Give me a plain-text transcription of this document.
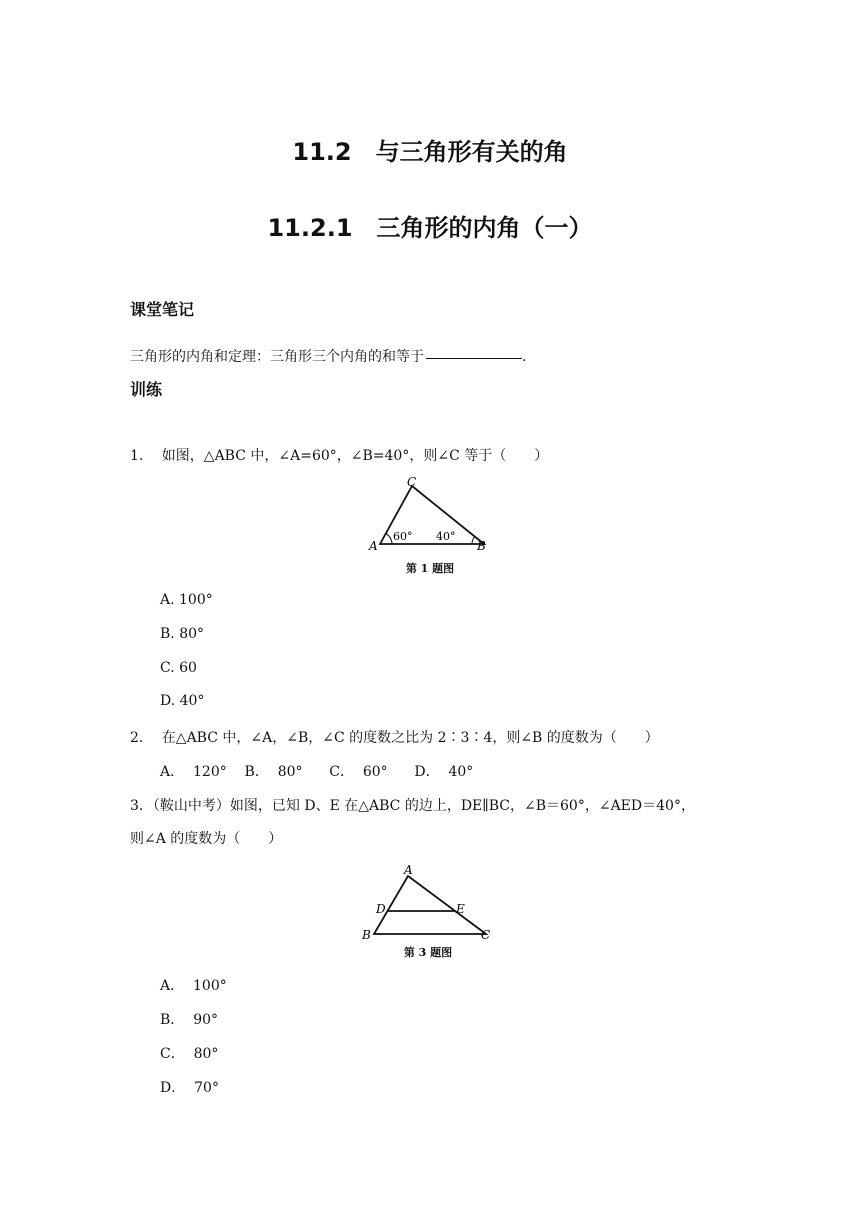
11.2　与三角形有关的角
11.2.1　三角形的内角（一）
课堂笔记
三角形的内角和定理：三角形三个内角的和等于	.
训练
1．  如图，△ABC 中，∠A=60°，∠B=40°，则∠C 等于（　　）
C
A	B
60° 40°
第 1 题图
A. 100°
B. 80°
C. 60
D. 40°
2．  在△ABC 中，∠A，∠B，∠C 的度数之比为 2∶3∶4，则∠B 的度数为（　　）
A．  120°    B．  80°      C．  60°      D．  40°
3．（鞍山中考）如图，已知 D、E 在△ABC 的边上，DE∥BC，∠B＝60°，∠AED＝40°，
则∠A 的度数为（　　）
A
D	E
B	C
第 3 题图
A．  100°
B．  90°
C．  80°
D．  70°
